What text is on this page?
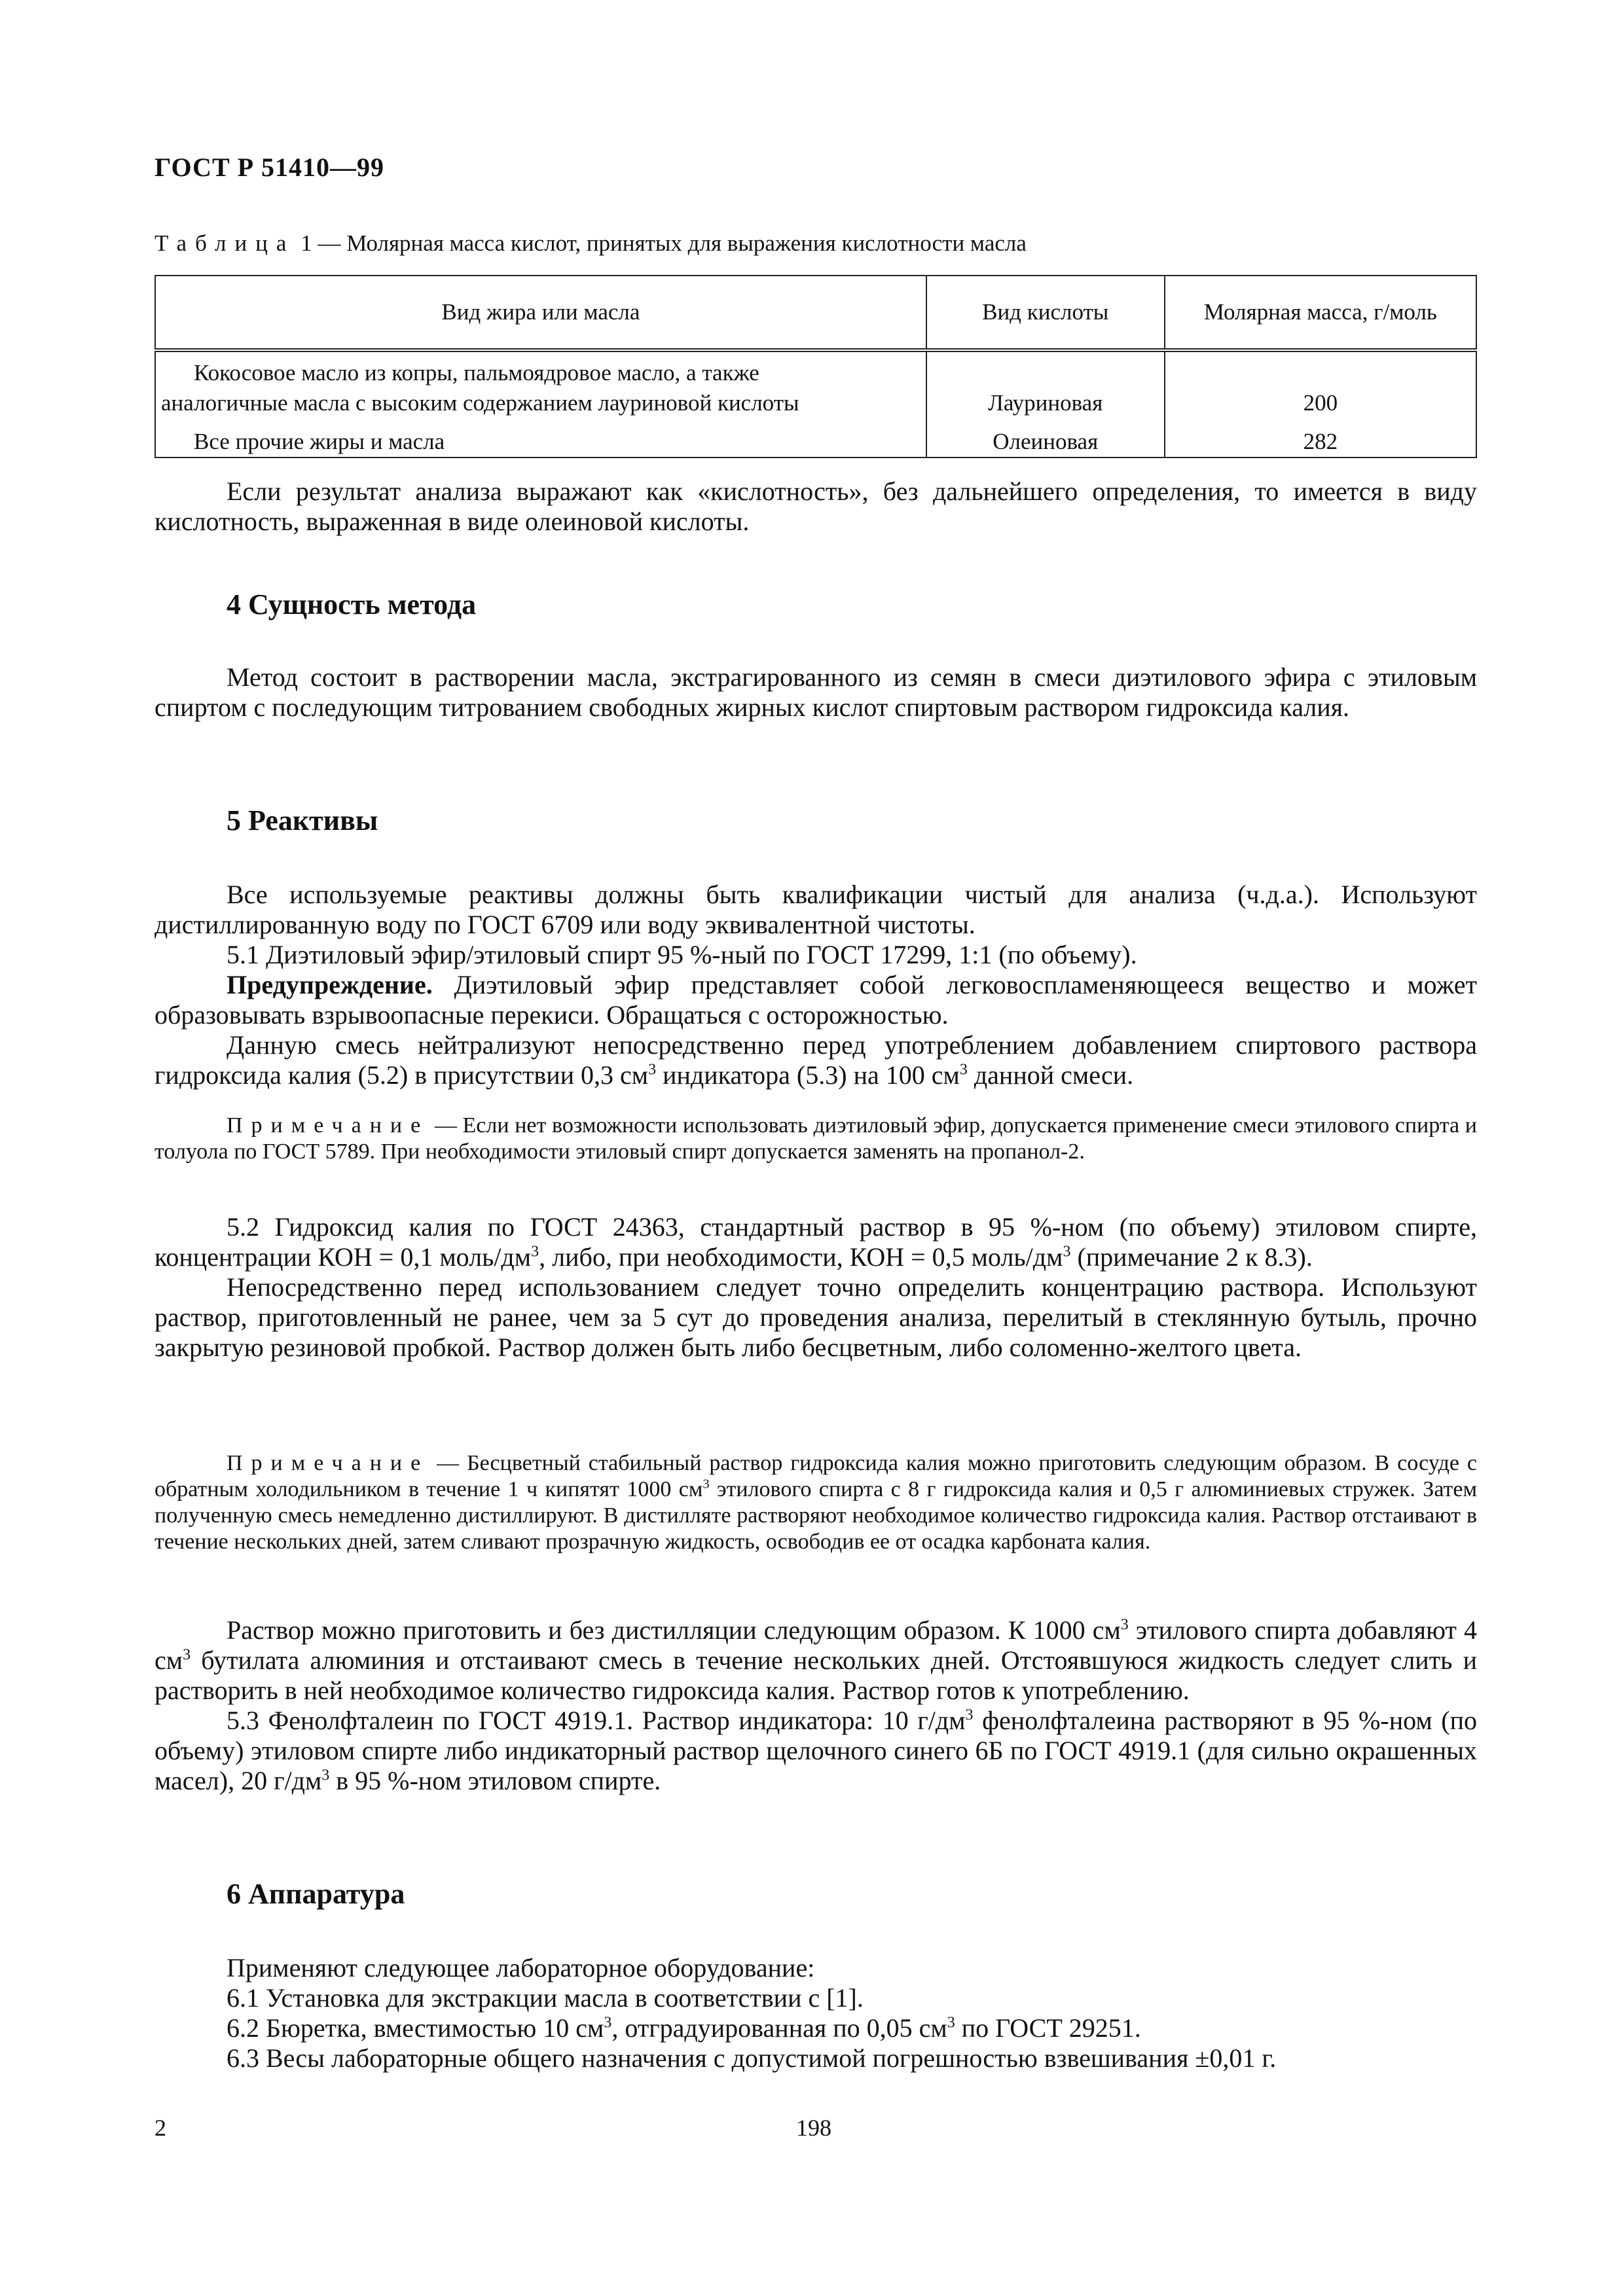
ГОСТ Р 51410—99
Таблица 1 — Молярная масса кислот, принятых для выражения кислотности масла
Вид жира или масла	Вид кислоты	Молярная масса, г/моль

Кокосовое масло из копры, пальмоядровое масло, а также
аналогичные масла с высоким содержанием лауриновой кислоты	Лауриновая	200
Все прочие жиры и масла	Олеиновая	282

Если результат анализа выражают как «кислотность», без дальнейшего определения, то имеется в виду кислотность, выраженная в виде олеиновой кислоты.

4 Сущность метода

Метод состоит в растворении масла, экстрагированного из семян в смеси диэтилового эфира с этиловым спиртом с последующим титрованием свободных жирных кислот спиртовым раствором гидроксида калия.

5 Реактивы

Все используемые реактивы должны быть квалификации чистый для анализа (ч.д.а.). Используют дистиллированную воду по ГОСТ 6709 или воду эквивалентной чистоты.

5.1 Диэтиловый эфир/этиловый спирт 95 %-ный по ГОСТ 17299, 1:1 (по объему).

Предупреждение. Диэтиловый эфир представляет собой легковоспламеняющееся вещество и может образовывать взрывоопасные перекиси. Обращаться с осторожностью.

Данную смесь нейтрализуют непосредственно перед употреблением добавлением спиртового раствора гидроксида калия (5.2) в присутствии 0,3 $см^3$ индикатора (5.3) на 100 $см^3$ данной смеси.

Примечание — Если нет возможности использовать диэтиловый эфир, допускается применение смеси этилового спирта и толуола по ГОСТ 5789. При необходимости этиловый спирт допускается заменять на пропанол-2.

5.2 Гидроксид калия по ГОСТ 24363, стандартный раствор в 95 %-ном (по объему) этиловом спирте, концентрации КОН = 0,1 моль/$дм^3$, либо, при необходимости, КОН = 0,5 моль/$дм^3$ (примечание 2 к 8.3).

Непосредственно перед использованием следует точно определить концентрацию раствора. Используют раствор, приготовленный не ранее, чем за 5 сут до проведения анализа, перелитый в стеклянную бутыль, прочно закрытую резиновой пробкой. Раствор должен быть либо бесцветным, либо соломенно-желтого цвета.

Примечание — Бесцветный стабильный раствор гидроксида калия можно приготовить следующим образом. В сосуде с обратным холодильником в течение 1 ч кипятят 1000 $см^3$ этилового спирта с 8 г гидроксида калия и 0,5 г алюминиевых стружек. Затем полученную смесь немедленно дистиллируют. В дистилляте растворяют необходимое количество гидроксида калия. Раствор отстаивают в течение нескольких дней, затем сливают прозрачную жидкость, освободив ее от осадка карбоната калия.

Раствор можно приготовить и без дистилляции следующим образом. К 1000 $см^3$ этилового спирта добавляют 4 $см^3$ бутилата алюминия и отстаивают смесь в течение нескольких дней. Отстоявшуюся жидкость следует слить и растворить в ней необходимое количество гидроксида калия. Раствор готов к употреблению.

5.3 Фенолфталеин по ГОСТ 4919.1. Раствор индикатора: 10 $г/дм^3$ фенолфталеина растворяют в 95 %-ном (по объему) этиловом спирте либо индикаторный раствор щелочного синего 6Б по ГОСТ 4919.1 (для сильно окрашенных масел), 20 $г/дм^3$ в 95 %-ном этиловом спирте.

6 Аппаратура

Применяют следующее лабораторное оборудование:

6.1 Установка для экстракции масла в соответствии с [1].

6.2 Бюретка, вместимостью 10 $см^3$, отградуированная по 0,05 $см^3$ по ГОСТ 29251.

6.3 Весы лабораторные общего назначения с допустимой погрешностью взвешивания ±0,01 г.

2	198
